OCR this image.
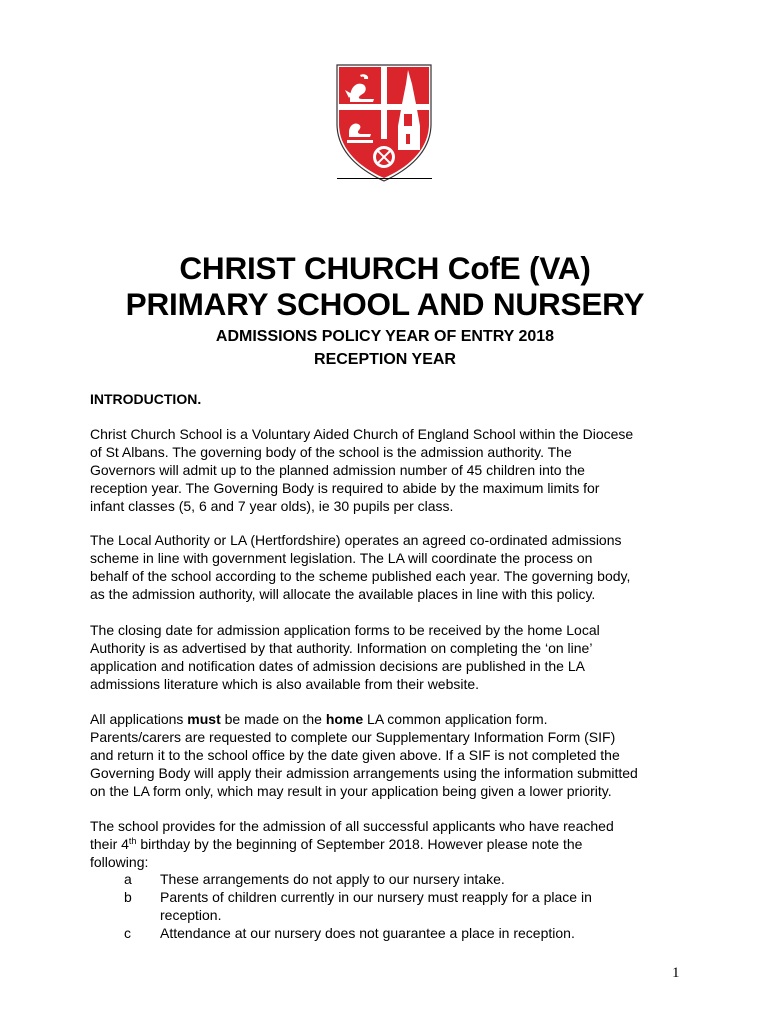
CHRIST CHURCH CofE (VA)
PRIMARY SCHOOL AND NURSERY
ADMISSIONS POLICY YEAR OF ENTRY 2018
RECEPTION YEAR
INTRODUCTION.
Christ Church School is a Voluntary Aided Church of England School within the Diocese
of St Albans. The governing body of the school is the admission authority. The
Governors will admit up to the planned admission number of 45 children into the
reception year. The Governing Body is required to abide by the maximum limits for
infant classes (5, 6 and 7 year olds), ie 30 pupils per class.
The Local Authority or LA (Hertfordshire) operates an agreed co-ordinated admissions
scheme in line with government legislation. The LA will coordinate the process on
behalf of the school according to the scheme published each year. The governing body,
as the admission authority, will allocate the available places in line with this policy.
The closing date for admission application forms to be received by the home Local
Authority is as advertised by that authority. Information on completing the ‘on line’
application and notification dates of admission decisions are published in the LA
admissions literature which is also available from their website.
All applications must be made on the home LA common application form.
Parents/carers are requested to complete our Supplementary Information Form (SIF)
and return it to the school office by the date given above. If a SIF is not completed the
Governing Body will apply their admission arrangements using the information submitted
on the LA form only, which may result in your application being given a lower priority.
The school provides for the admission of all successful applicants who have reached
their 4th birthday by the beginning of September 2018. However please note the
following:
a These arrangements do not apply to our nursery intake.
b Parents of children currently in our nursery must reapply for a place in
reception.
c Attendance at our nursery does not guarantee a place in reception.
1
